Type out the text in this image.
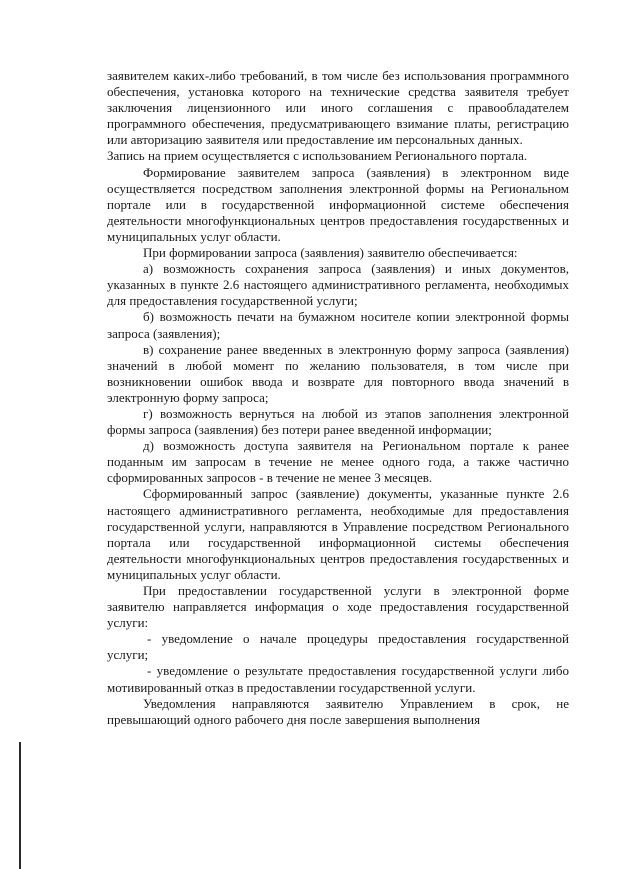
заявителем каких-либо требований, в том числе без использования программного обеспечения, установка которого на технические средства заявителя требует заключения лицензионного или иного соглашения с правообладателем программного обеспечения, предусматривающего взимание платы, регистрацию или авторизацию заявителя или предоставление им персональных данных.

Запись на прием осуществляется с использованием Регионального портала.

Формирование заявителем запроса (заявления) в электронном виде осуществляется посредством заполнения электронной формы на Региональном портале или в государственной информационной системе обеспечения деятельности многофункциональных центров предоставления государственных и муниципальных услуг области.

При формировании запроса (заявления) заявителю обеспечивается:

а) возможность сохранения запроса (заявления) и иных документов, указанных в пункте 2.6 настоящего административного регламента, необходимых для предоставления государственной услуги;

б) возможность печати на бумажном носителе копии электронной формы запроса (заявления);

в) сохранение ранее введенных в электронную форму запроса (заявления) значений в любой момент по желанию пользователя, в том числе при возникновении ошибок ввода и возврате для повторного ввода значений в электронную форму запроса;

г) возможность вернуться на любой из этапов заполнения электронной формы запроса (заявления) без потери ранее введенной информации;

д) возможность доступа заявителя на Региональном портале к ранее поданным им запросам в течение не менее одного года, а также частично сформированных запросов - в течение не менее 3 месяцев.

Сформированный запрос (заявление) документы, указанные пункте 2.6 настоящего административного регламента, необходимые для предоставления государственной услуги, направляются в Управление посредством Регионального портала или государственной информационной системы обеспечения деятельности многофункциональных центров предоставления государственных и муниципальных услуг области.

При предоставлении государственной услуги в электронной форме заявителю направляется информация о ходе предоставления государственной услуги:

- уведомление о начале процедуры предоставления государственной услуги;

- уведомление о результате предоставления государственной услуги либо мотивированный отказ в предоставлении государственной услуги.

Уведомления направляются заявителю Управлением в срок, не превышающий одного рабочего дня после завершения выполнения
